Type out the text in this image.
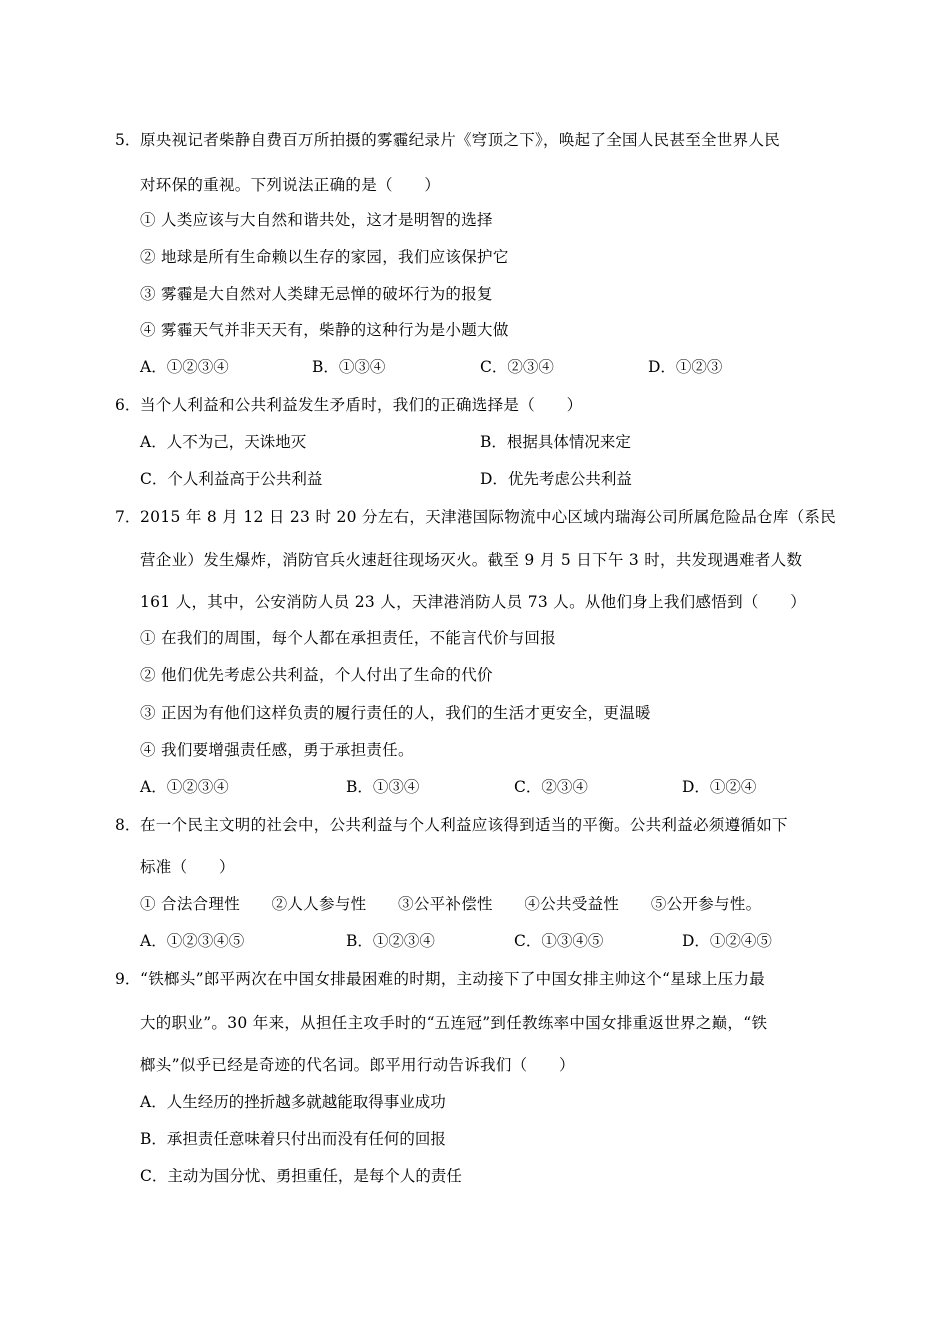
5． 原央视记者柴静自费百万所拍摄的雾霾纪录片《穹顶之下》，唤起了全国人民甚至全世界人民
对环保的重视。下列说法正确的是（　　）
① 人类应该与大自然和谐共处，这才是明智的选择
② 地球是所有生命赖以生存的家园，我们应该保护它
③ 雾霾是大自然对人类肆无忌惮的破坏行为的报复
④ 雾霾天气并非天天有，柴静的这种行为是小题大做
A．①②③④	B．①③④	C．②③④	D．①②③
6． 当个人利益和公共利益发生矛盾时，我们的正确选择是（　　）
A．人不为己，天诛地灭	B．根据具体情况来定
C．个人利益高于公共利益	D．优先考虑公共利益
7． 2015 年 8 月 12 日 23 时 20 分左右，天津港国际物流中心区域内瑞海公司所属危险品仓库（系民
营企业）发生爆炸，消防官兵火速赶往现场灭火。截至 9 月 5 日下午 3 时，共发现遇难者人数
161 人，其中，公安消防人员 23 人，天津港消防人员 73 人。从他们身上我们感悟到（　　）
① 在我们的周围，每个人都在承担责任，不能言代价与回报
② 他们优先考虑公共利益，个人付出了生命的代价
③ 正因为有他们这样负责的履行责任的人，我们的生活才更安全，更温暖
④ 我们要增强责任感，勇于承担责任。
A．①②③④	B．①③④	C．②③④	D．①②④
8． 在一个民主文明的社会中，公共利益与个人利益应该得到适当的平衡。公共利益必须遵循如下
标准（　　）
① 合法合理性　　②人人参与性　　③公平补偿性　　④公共受益性　　⑤公开参与性。
A．①②③④⑤	B．①②③④	C．①③④⑤	D．①②④⑤
9． “铁榔头”郎平两次在中国女排最困难的时期，主动接下了中国女排主帅这个“星球上压力最
大的职业”。30 年来，从担任主攻手时的“五连冠”到任教练率中国女排重返世界之巅，“铁
榔头”似乎已经是奇迹的代名词。郎平用行动告诉我们（　　）
A．人生经历的挫折越多就越能取得事业成功
B．承担责任意味着只付出而没有任何的回报
C．主动为国分忧、勇担重任，是每个人的责任
